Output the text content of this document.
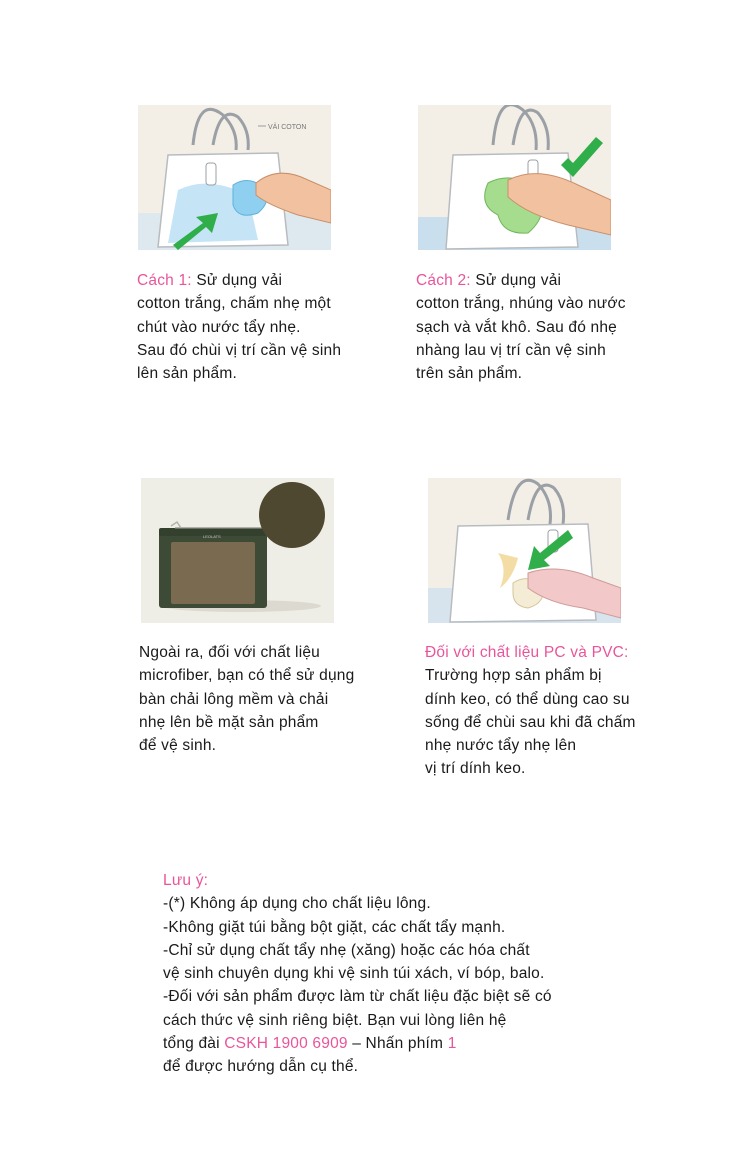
VẢI COTON
LEOLATS
Cách 1: Sử dụng vải
cotton trắng, chấm nhẹ một
chút vào nước tẩy nhẹ.
Sau đó chùi vị trí cần vệ sinh
lên sản phẩm.
Cách 2: Sử dụng vải
cotton trắng, nhúng vào nước
sạch và vắt khô. Sau đó nhẹ
nhàng lau vị trí cần vệ sinh
trên sản phẩm.
Ngoài ra, đối với chất liệu
microfiber, bạn có thể sử dụng
bàn chải lông mềm và chải
nhẹ lên bề mặt sản phẩm
để vệ sinh.
Đối với chất liệu PC và PVC:
Trường hợp sản phẩm bị
dính keo, có thể dùng cao su
sống để chùi sau khi đã chấm
nhẹ nước tẩy nhẹ lên
vị trí dính keo.
Lưu ý:
-(*) Không áp dụng cho chất liệu lông.
-Không giặt túi bằng bột giặt, các chất tẩy mạnh.
-Chỉ sử dụng chất tẩy nhẹ (xăng) hoặc các hóa chất
vệ sinh chuyên dụng khi vệ sinh túi xách, ví bóp, balo.
-Đối với sản phẩm được làm từ chất liệu đặc biệt sẽ có
cách thức vệ sinh riêng biệt. Bạn vui lòng liên hệ
tổng đài CSKH 1900 6909 – Nhấn phím 1
để được hướng dẫn cụ thể.
